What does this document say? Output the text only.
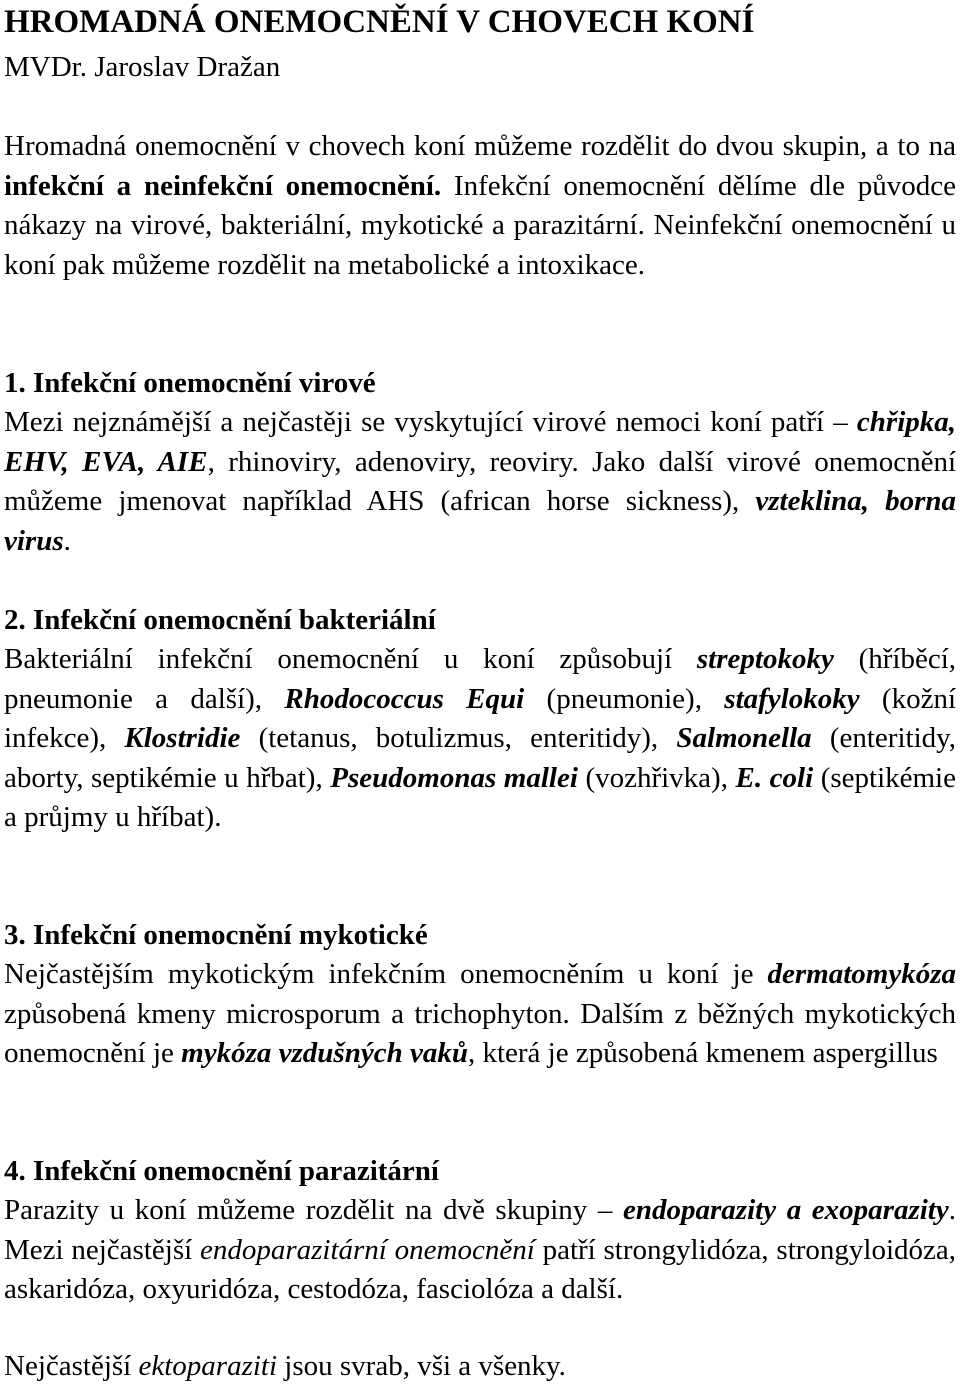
HROMADNÁ ONEMOCNĚNÍ V CHOVECH KONÍ
MVDr. Jaroslav Dražan
Hromadná onemocnění v chovech koní můžeme rozdělit do dvou skupin, a to na infekční a neinfekční onemocnění. Infekční onemocnění dělíme dle původce nákazy na virové, bakteriální, mykotické a parazitární. Neinfekční onemocnění u koní pak můžeme rozdělit na metabolické a intoxikace.
1. Infekční onemocnění virové
Mezi nejznámější a nejčastěji se vyskytující virové nemoci koní patří – chřipka, EHV, EVA, AIE, rhinoviry, adenoviry, reoviry. Jako další virové onemocnění můžeme jmenovat například AHS (african horse sickness), vzteklina, borna virus.
2. Infekční onemocnění bakteriální
Bakteriální infekční onemocnění u koní způsobují streptokoky (hříběcí, pneumonie a další), Rhodococcus Equi (pneumonie), stafylokoky (kožní infekce), Klostridie (tetanus, botulizmus, enteritidy), Salmonella (enteritidy, aborty, septikémie u hřbat), Pseudomonas mallei (vozhřivka), E. coli (septikémie a průjmy u hříbat).
3. Infekční onemocnění mykotické
Nejčastějším mykotickým infekčním onemocněním u koní je dermatomykóza způsobená kmeny microsporum a trichophyton. Dalším z běžných mykotických onemocnění je mykóza vzdušných vaků, která je způsobená kmenem aspergillus
4. Infekční onemocnění parazitární
Parazity u koní můžeme rozdělit na dvě skupiny – endoparazity a exoparazity. Mezi nejčastější endoparazitární onemocnění patří strongylidóza, strongyloidóza, askaridóza, oxyuridóza, cestodóza, fasciolóza a další.
Nejčastější ektoparaziti jsou svrab, vši a všenky.
